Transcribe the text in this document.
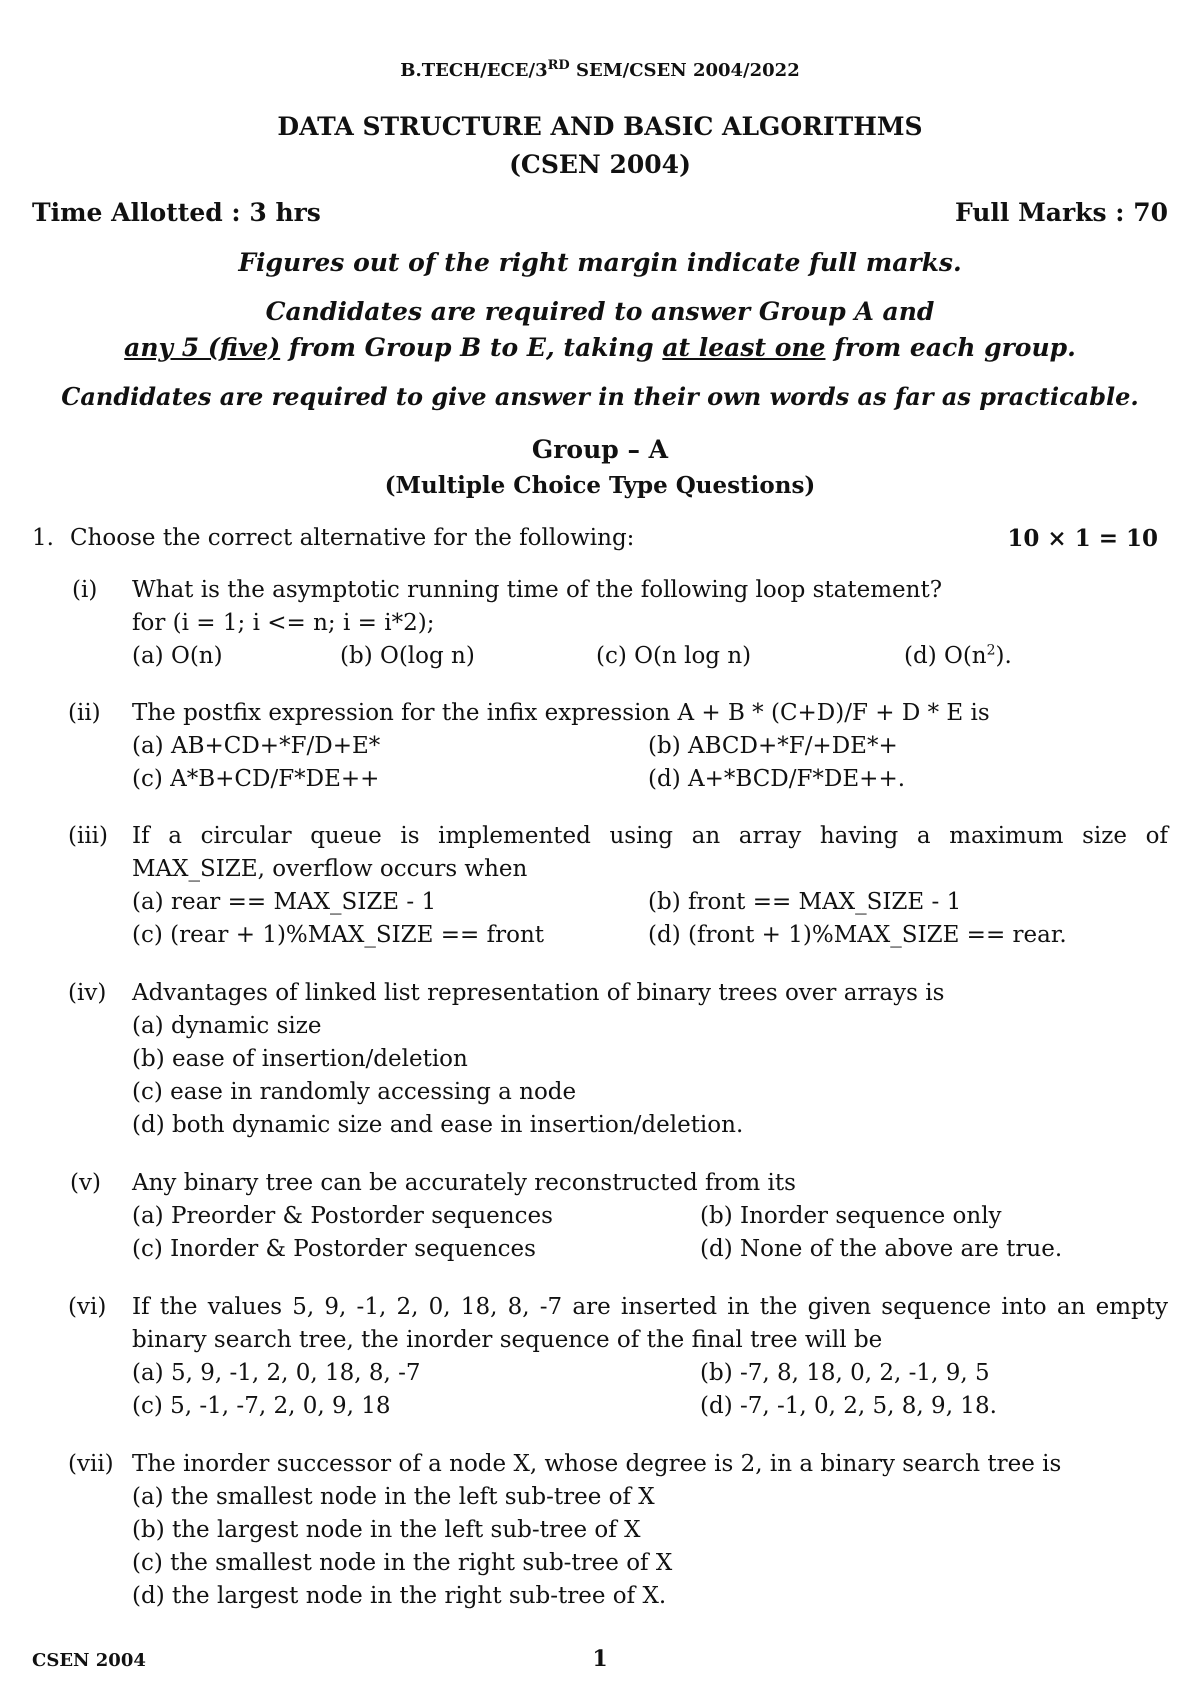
B.TECH/ECE/3RD SEM/CSEN 2004/2022
DATA STRUCTURE AND BASIC ALGORITHMS
(CSEN 2004)
Time Allotted : 3 hrs	Full Marks : 70
Figures out of the right margin indicate full marks.
Candidates are required to answer Group A and
any 5 (five) from Group B to E, taking at least one from each group.
Candidates are required to give answer in their own words as far as practicable.
Group – A
(Multiple Choice Type Questions)
1. Choose the correct alternative for the following:	10 × 1 = 10
(i) What is the asymptotic running time of the following loop statement?
for (i = 1; i <= n; i = i*2);
(a) O(n)	(b) O(log n)	(c) O(n log n)	(d) $O(n^2)$.
(ii) The postfix expression for the infix expression A + B * (C+D)/F + D * E is
(a) AB+CD+*F/D+E*	(b) ABCD+*F/+DE*+
(c) A*B+CD/F*DE++	(d) A+*BCD/F*DE++.
(iii) If a circular queue is implemented using an array having a maximum size of
MAX_SIZE, overflow occurs when
(a) rear == MAX_SIZE - 1	(b) front == MAX_SIZE - 1
(c) (rear + 1)%MAX_SIZE == front	(d) (front + 1)%MAX_SIZE == rear.
(iv) Advantages of linked list representation of binary trees over arrays is
(a) dynamic size
(b) ease of insertion/deletion
(c) ease in randomly accessing a node
(d) both dynamic size and ease in insertion/deletion.
(v) Any binary tree can be accurately reconstructed from its
(a) Preorder & Postorder sequences	(b) Inorder sequence only
(c) Inorder & Postorder sequences	(d) None of the above are true.
(vi) If the values 5, 9, -1, 2, 0, 18, 8, -7 are inserted in the given sequence into an empty
binary search tree, the inorder sequence of the final tree will be
(a) 5, 9, -1, 2, 0, 18, 8, -7	(b) -7, 8, 18, 0, 2, -1, 9, 5
(c) 5, -1, -7, 2, 0, 9, 18	(d) -7, -1, 0, 2, 5, 8, 9, 18.
(vii) The inorder successor of a node X, whose degree is 2, in a binary search tree is
(a) the smallest node in the left sub-tree of X
(b) the largest node in the left sub-tree of X
(c) the smallest node in the right sub-tree of X
(d) the largest node in the right sub-tree of X.
CSEN 2004	1
